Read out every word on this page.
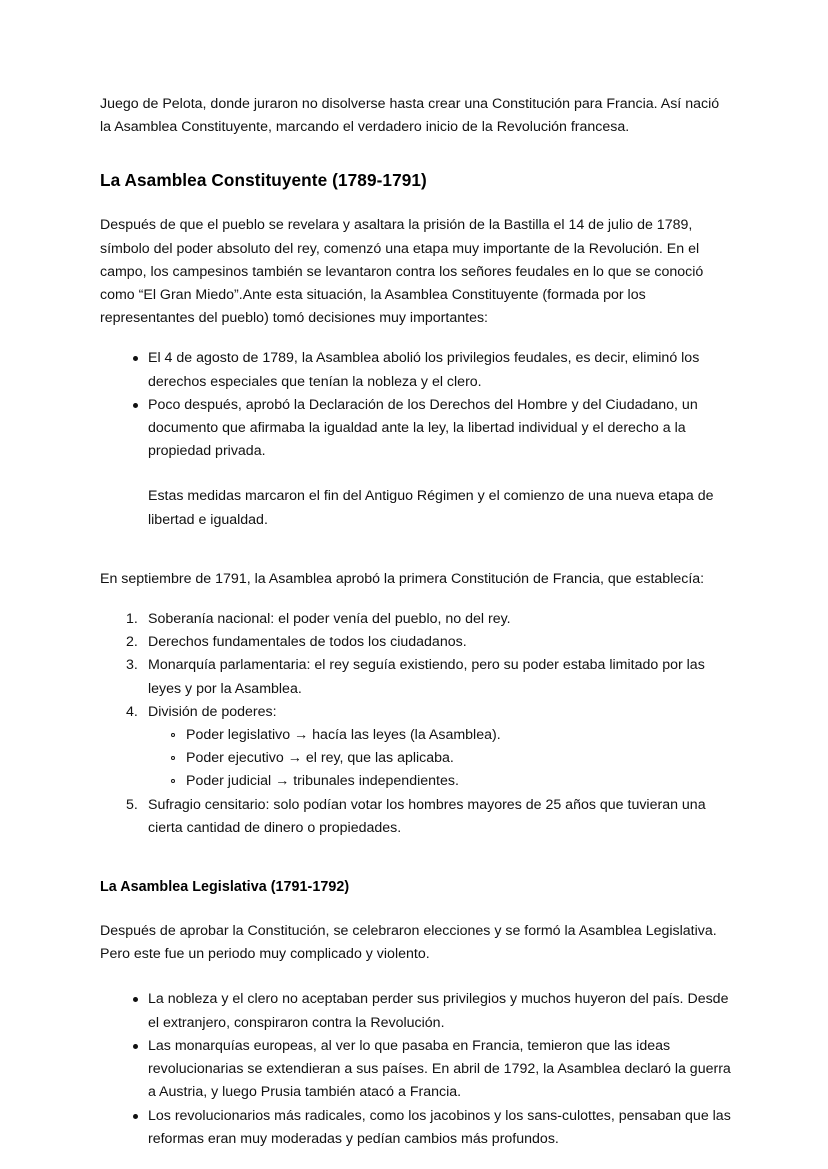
Juego de Pelota, donde juraron no disolverse hasta crear una Constitución para Francia. Así nació la Asamblea Constituyente, marcando el verdadero inicio de la Revolución francesa.

La Asamblea Constituyente (1789-1791)

Después de que el pueblo se revelara y asaltara la prisión de la Bastilla el 14 de julio de 1789, símbolo del poder absoluto del rey, comenzó una etapa muy importante de la Revolución. En el campo, los campesinos también se levantaron contra los señores feudales en lo que se conoció como “El Gran Miedo”.Ante esta situación, la Asamblea Constituyente (formada por los representantes del pueblo) tomó decisiones muy importantes:

El 4 de agosto de 1789, la Asamblea abolió los privilegios feudales, es decir, eliminó los derechos especiales que tenían la nobleza y el clero.
Poco después, aprobó la Declaración de los Derechos del Hombre y del Ciudadano, un documento que afirmaba la igualdad ante la ley, la libertad individual y el derecho a la propiedad privada.

Estas medidas marcaron el fin del Antiguo Régimen y el comienzo de una nueva etapa de libertad e igualdad.

En septiembre de 1791, la Asamblea aprobó la primera Constitución de Francia, que establecía:

Soberanía nacional: el poder venía del pueblo, no del rey.
Derechos fundamentales de todos los ciudadanos.
Monarquía parlamentaria: el rey seguía existiendo, pero su poder estaba limitado por las leyes y por la Asamblea.
División de poderes:
Poder legislativo → hacía las leyes (la Asamblea).
Poder ejecutivo → el rey, que las aplicaba.
Poder judicial → tribunales independientes.
Sufragio censitario: solo podían votar los hombres mayores de 25 años que tuvieran una cierta cantidad de dinero o propiedades.
La Asamblea Legislativa (1791-1792)

Después de aprobar la Constitución, se celebraron elecciones y se formó la Asamblea Legislativa. Pero este fue un periodo muy complicado y violento.

La nobleza y el clero no aceptaban perder sus privilegios y muchos huyeron del país. Desde el extranjero, conspiraron contra la Revolución.
Las monarquías europeas, al ver lo que pasaba en Francia, temieron que las ideas revolucionarias se extendieran a sus países. En abril de 1792, la Asamblea declaró la guerra a Austria, y luego Prusia también atacó a Francia.
Los revolucionarios más radicales, como los jacobinos y los sans-culottes, pensaban que las reformas eran muy moderadas y pedían cambios más profundos.
